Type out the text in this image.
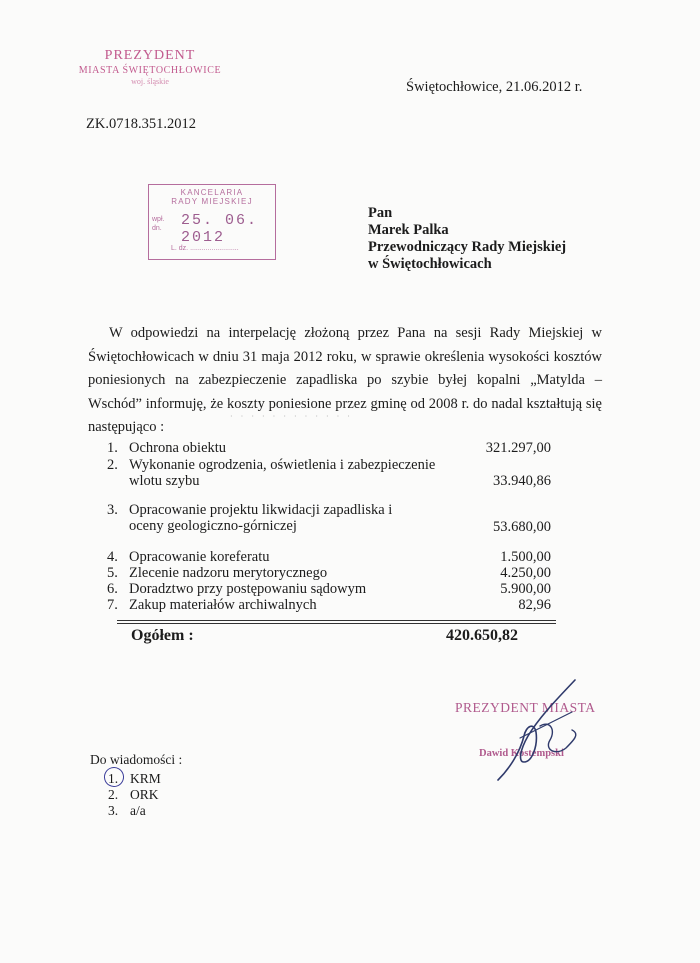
PREZYDENT
MIASTA ŚWIĘTOCHŁOWICE
woj. śląskie	Świętochłowice, 21.06.2012 r.
ZK.0718.351.2012
KANCELARIA
RADY MIEJSKIEJ
wpł.
dn. 25. 06. 2012
L. dz. .........................
Pan
Marek Palka
Przewodniczący Rady Miejskiej
w Świętochłowicach
W odpowiedzi na interpelację złożoną przez Pana na sesji Rady Miejskiej w Świętochłowicach w dniu 31 maja 2012 roku, w sprawie określenia wysokości kosztów poniesionych na zabezpieczenie zapadliska po szybie byłej kopalni „Matylda – Wschód” informuję, że koszty poniesione przez gminę od 2008 r. do nadal kształtują się następująco :
· · · · · · · · · · · ·
1. Ochrona obiektu	321.297,00
2. Wykonanie ogrodzenia, oświetlenia i zabezpieczenie wlotu szybu	33.940,86
3. Opracowanie projektu likwidacji zapadliska i oceny geologiczno-górniczej	53.680,00
4. Opracowanie koreferatu	1.500,00
5. Zlecenie nadzoru merytorycznego	4.250,00
6. Doradztwo przy postępowaniu sądowym	5.900,00
7. Zakup materiałów archiwalnych	82,96
Ogółem :	420.650,82
PREZYDENT MIASTA
Dawid Kostempski
Do wiadomości :
1. KRM
2. ORK
3. a/a
